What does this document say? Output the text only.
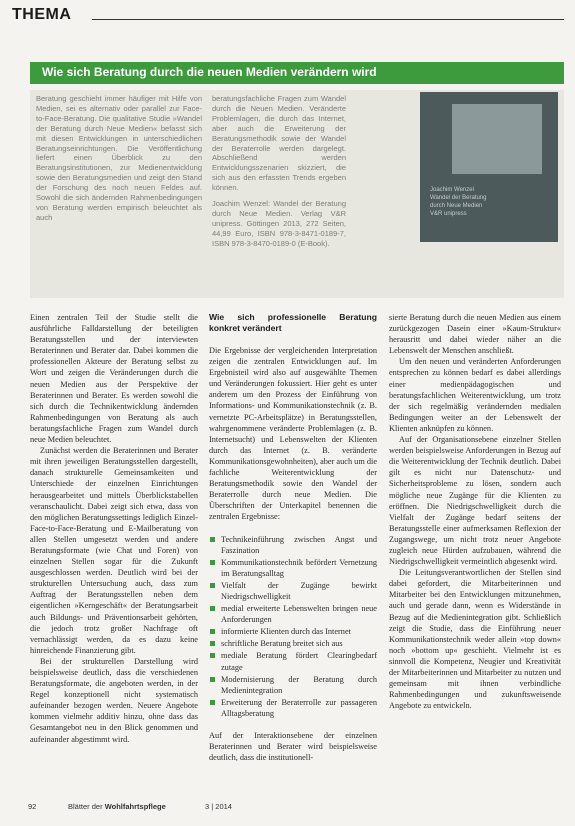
THEMA
Wie sich Beratung durch die neuen Medien verändern wird

Beratung geschieht immer häufiger mit Hilfe von Medien, sei es alternativ oder parallel zur Face-to-Face-Beratung. Die qualitative Studie »Wandel der Beratung durch Neue Medien« befasst sich mit diesen Entwicklungen in unterschiedlichen Beratungseinrichtungen. Die Veröffentlichung liefert einen Überblick zu den Beratungsinstitutionen, zur Medienentwicklung sowie den Beratungsmedien und zeigt den Stand der Forschung des noch neuen Feldes auf. Sowohl die sich ändernden Rahmenbedingungen von Beratung werden empirisch beleuchtet als auch

beratungsfachliche Fragen zum Wandel durch die Neuen Medien. Veränderte Problemlagen, die durch das Internet, aber auch die Erweiterung der Beratungsmethodik sowie der Wandel der Beraterrolle werden dargelegt. Abschließend werden Entwicklungsszenarien skizziert, die sich aus den erfassten Trends ergeben können.

Joachim Wenzel: Wandel der Beratung durch Neue Medien. Verlag V&R unipress. Göttingen 2013, 272 Seiten, 44,99 Euro, ISBN 978-3-8471-0189-7, ISBN 978-3-8470-0189-0 (E-Book).

Joachim Wenzel
Wandel der Beratung
durch Neue Medien
V&R unipress

Einen zentralen Teil der Studie stellt die ausführliche Falldarstellung der beteiligten Beratungsstellen und der interviewten Beraterinnen und Berater dar. Dabei kommen die professionellen Akteure der Beratung selbst zu Wort und zeigen die Veränderungen durch die neuen Medien aus der Perspektive der Beraterinnen und Berater. Es werden sowohl die sich durch die Technikentwicklung ändernden Rahmenbedingungen von Beratung als auch beratungsfachliche Fragen zum Wandel durch neue Medien beleuchtet.

Zunächst werden die Beraterinnen und Berater mit ihren jeweiligen Beratungsstellen dargestellt, danach strukturelle Gemeinsamkeiten und Unterschiede der einzelnen Einrichtungen herausgearbeitet und mittels Überblickstabellen veranschaulicht. Dabei zeigt sich etwa, dass von den möglichen Beratungssettings lediglich Einzel-Face-to-Face-Beratung und E-Mailberatung von allen Stellen umgesetzt werden und andere Beratungsformate (wie Chat und Foren) von einzelnen Stellen sogar für die Zukunft ausgeschlossen werden. Deutlich wird bei der strukturellen Untersuchung auch, dass zum Auftrag der Beratungsstellen neben dem eigentlichen »Kerngeschäft« der Beratungsarbeit auch Bildungs- und Präventionsarbeit gehörten, die jedoch trotz großer Nachfrage oft vernachlässigt werden, da es dazu keine hinreichende Finanzierung gibt.

Bei der strukturellen Darstellung wird beispielsweise deutlich, dass die verschiedenen Beratungsformate, die angeboten werden, in der Regel konzeptionell nicht systematisch aufeinander bezogen werden. Neuere Angebote kommen vielmehr additiv hinzu, ohne dass das Gesamtangebot neu in den Blick genommen und aufeinander abgestimmt wird.

Wie sich professionelle Beratung konkret verändert

Die Ergebnisse der vergleichenden Interpretation zeigen die zentralen Entwicklungen auf. Im Ergebnisteil wird also auf ausgewählte Themen und Veränderungen fokussiert. Hier geht es unter anderem um den Prozess der Einführung von Informations- und Kommunikationstechnik (z. B. vernetzte PC-Arbeitsplätze) in Beratungsstellen, wahrgenommene veränderte Problemlagen (z. B. Internetsucht) und Lebenswelten der Klienten durch das Internet (z. B. veränderte Kommunikationsgewohnheiten), aber auch um die fachliche Weiterentwicklung der Beratungsmethodik sowie den Wandel der Beraterrolle durch neue Medien. Die Überschriften der Unterkapitel benennen die zentralen Ergebnisse:

Technikeinführung zwischen Angst und Faszination
Kommunikationstechnik befördert Vernetzung im Beratungsalltag
Vielfalt der Zugänge bewirkt Niedrigschwelligkeit
medial erweiterte Lebenswelten bringen neue Anforderungen
informierte Klienten durch das Internet
schriftliche Beratung breitet sich aus
mediale Beratung fördert Clearingbedarf zutage
Modernisierung der Beratung durch Medienintegration
Erweiterung der Beraterrolle zur passageren Alltagsberatung

Auf der Interaktionsebene der einzelnen Beraterinnen und Berater wird beispielsweise deutlich, dass die institutionell-

sierte Beratung durch die neuen Medien aus einem zurückgezogen Dasein einer »Kaum-Struktur« herausritt und dabei wieder näher an die Lebenswelt der Menschen anschließt.

Um den neuen und veränderten Anforderungen entsprechen zu können bedarf es dabei allerdings einer medienpädagogischen und beratungsfachlichen Weiterentwicklung, um trotz der sich regelmäßig verändernden medialen Bedingungen weiter an der Lebenswelt der Klienten anknüpfen zu können.

Auf der Organisationsebene einzelner Stellen werden beispielsweise Anforderungen in Bezug auf die Weiterentwicklung der Technik deutlich. Dabei gilt es nicht nur Datenschutz- und Sicherheitsprobleme zu lösen, sondern auch mögliche neue Zugänge für die Klienten zu eröffnen. Die Niedrigschwelligkeit durch die Vielfalt der Zugänge bedarf seitens der Beratungsstelle einer aufmerksamen Reflexion der Zugangswege, um nicht trotz neuer Angebote zugleich neue Hürden aufzubauen, während die Niedrigschwelligkeit vermeintlich abgesenkt wird.

Die Leitungsverantwortlichen der Stellen sind dabei gefordert, die Mitarbeiterinnen und Mitarbeiter bei den Entwicklungen mitzunehmen, auch und gerade dann, wenn es Widerstände in Bezug auf die Medienintegration gibt. Schließlich zeigt die Studie, dass die Einführung neuer Kommunikationstechnik weder allein »top down« noch »bottom up« geschieht. Vielmehr ist es sinnvoll die Kompetenz, Neugier und Kreativität der Mitarbeiterinnen und Mitarbeiter zu nutzen und gemeinsam mit ihnen verbindliche Rahmenbedingungen und zukunftsweisende Angebote zu entwickeln.

92	Blätter der Wohlfahrtspflege	3 | 2014
